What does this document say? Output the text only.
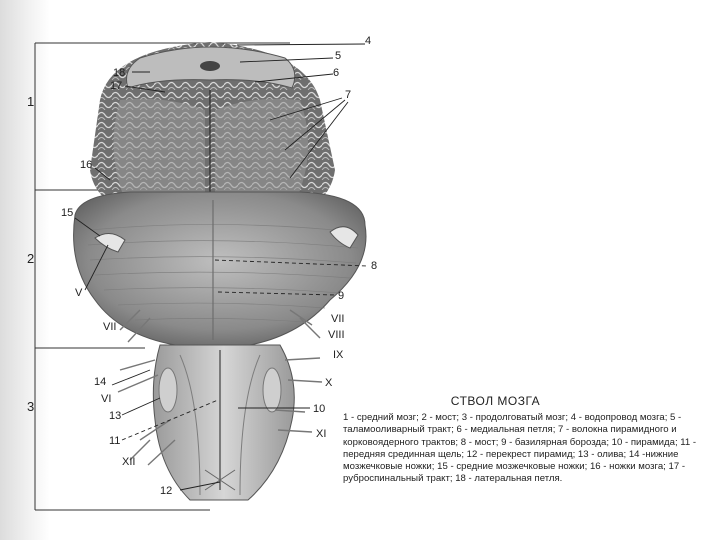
1
2
3
4
5
6
7
8
9
10
11
12
13
14
15
16
17
18
V
VII
VII
VIII
IX
X
XI
XII
VI	СТВОЛ МОЗГА
1 - средний мозг; 2 - мост; 3 - продолговатый мозг; 4 - водопровод мозга; 5 - таламооливарный тракт; 6 - медиальная петля; 7 - волокна пирамидного и корковоядерного трактов; 8 - мост; 9 - базилярная борозда; 10 - пирамида; 11 - передняя срединная щель; 12 - перекрест пирамид; 13 - олива; 14 -нижние мозжечковые ножки; 15 - средние мозжечковые ножки; 16 - ножки мозга; 17 - руброспинальный тракт; 18 - латеральная петля.
